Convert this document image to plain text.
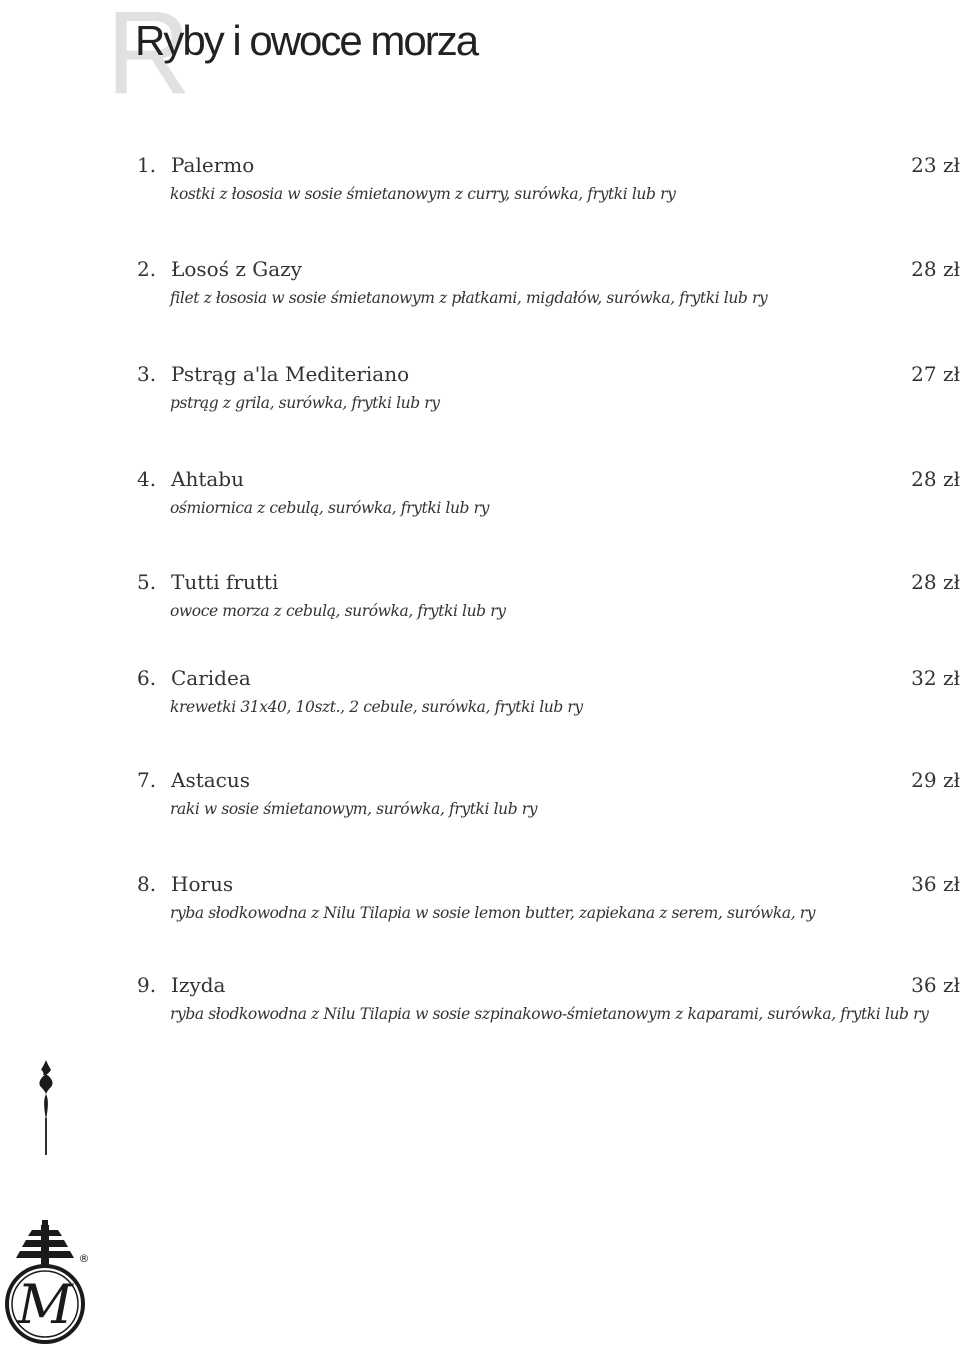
R
Ryby i owoce morza
1. Palermo	23 zł
kostki z łososia w sosie śmietanowym z curry, surówka, frytki lub ry
2. Łosoś z Gazy	28 zł
filet z łososia w sosie śmietanowym z płatkami, migdałów, surówka, frytki lub ry
3. Pstrąg a'la Mediteriano	27 zł
pstrąg z grila, surówka, frytki lub ry
4. Ahtabu	28 zł
ośmiornica z cebulą, surówka, frytki lub ry
5. Tutti frutti	28 zł
owoce morza z cebulą, surówka, frytki lub ry
6. Caridea	32 zł
krewetki 31x40, 10szt., 2 cebule, surówka, frytki lub ry
7. Astacus	29 zł
raki w sosie śmietanowym, surówka, frytki lub ry
8. Horus	36 zł
ryba słodkowodna z Nilu Tilapia w sosie lemon butter, zapiekana z serem, surówka, ry
9. Izyda	36 zł
ryba słodkowodna z Nilu Tilapia w sosie szpinakowo-śmietanowym z kaparami, surówka, frytki lub ry
M
®
